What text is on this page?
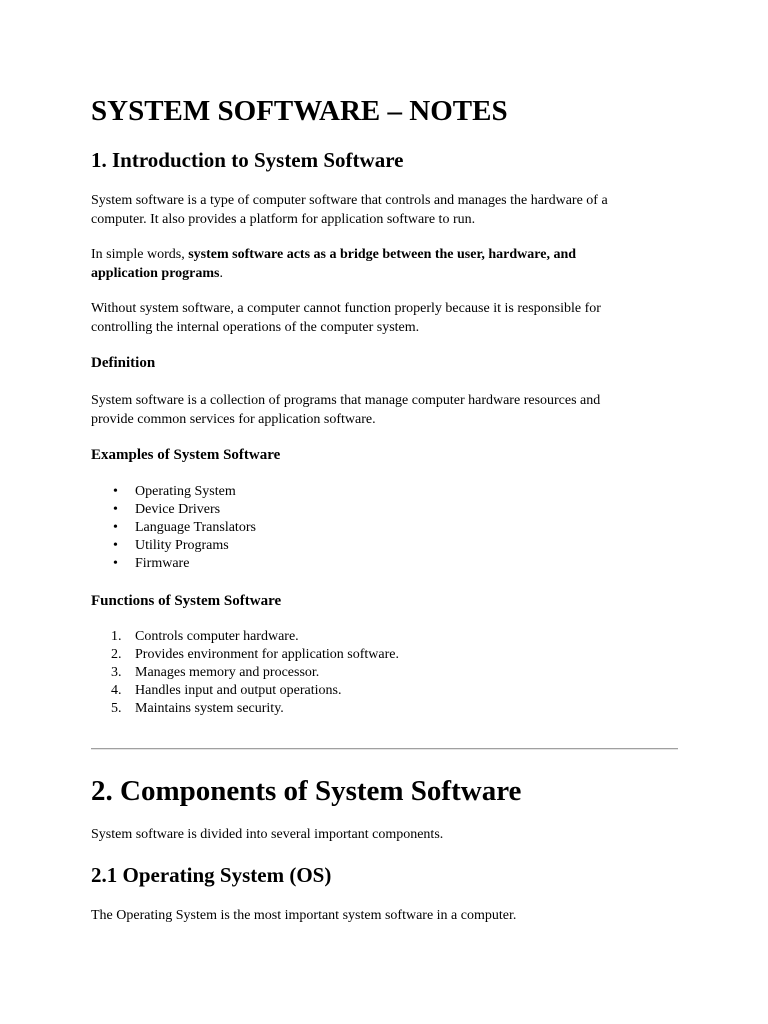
SYSTEM SOFTWARE – NOTES
1. Introduction to System Software

System software is a type of computer software that controls and manages the hardware of a

computer. It also provides a platform for application software to run.

In simple words, system software acts as a bridge between the user, hardware, and

application programs.

Without system software, a computer cannot function properly because it is responsible for

controlling the internal operations of the computer system.

Definition

System software is a collection of programs that manage computer hardware resources and

provide common services for application software.

Examples of System Software
• Operating System
• Device Drivers
• Language Translators
• Utility Programs
• Firmware
Functions of System Software
1. Controls computer hardware.
2. Provides environment for application software.
3. Manages memory and processor.
4. Handles input and output operations.
5. Maintains system security.
2. Components of System Software

System software is divided into several important components.

2.1 Operating System (OS)

The Operating System is the most important system software in a computer.
